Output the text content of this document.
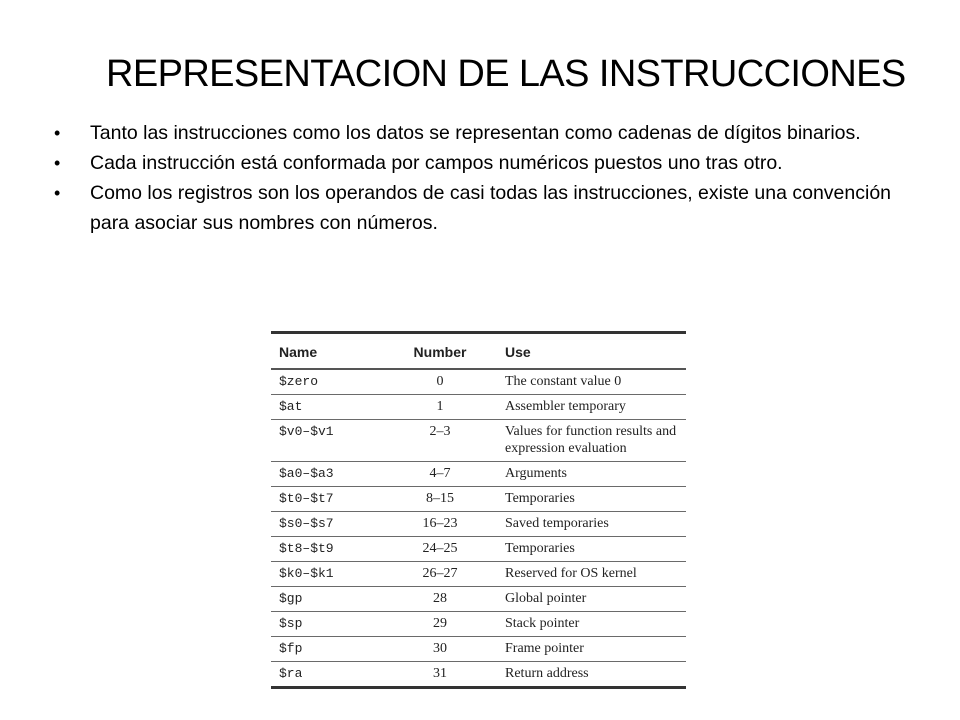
REPRESENTACION DE LAS INSTRUCCIONES
•	Tanto las instrucciones como los datos se representan como cadenas de dígitos binarios.
•	Cada instrucción está conformada por campos numéricos puestos uno tras otro.
•	Como los registros son los operandos de casi todas las instrucciones, existe una convención para asociar sus nombres con números.
Name	Number	Use
$zero	0	The constant value 0
$at	1	Assembler temporary
$v0–$v1	2–3	Values for function results and expression evaluation
$a0–$a3	4–7	Arguments
$t0–$t7	8–15	Temporaries
$s0–$s7	16–23	Saved temporaries
$t8–$t9	24–25	Temporaries
$k0–$k1	26–27	Reserved for OS kernel
$gp	28	Global pointer
$sp	29	Stack pointer
$fp	30	Frame pointer
$ra	31	Return address
